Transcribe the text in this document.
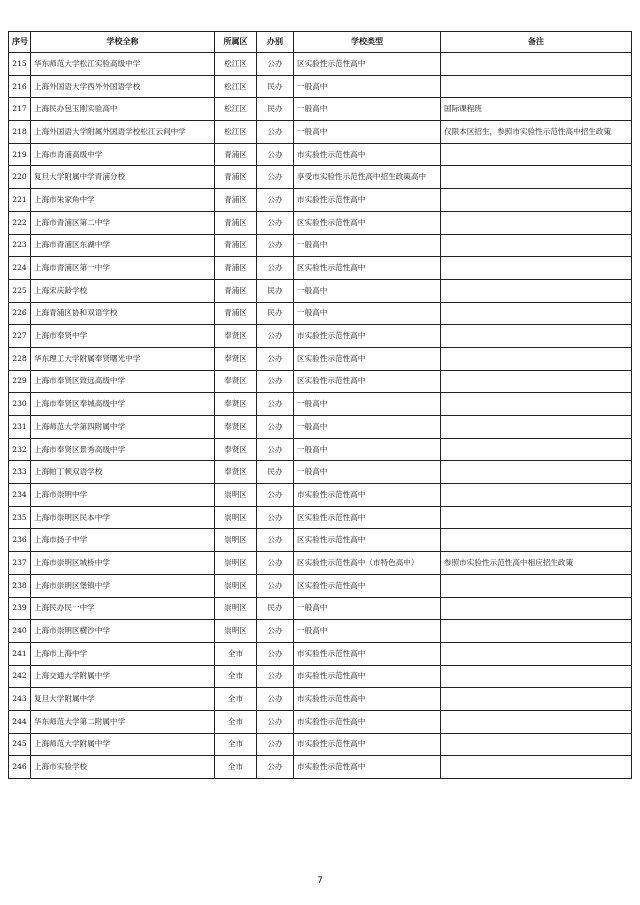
序号	学校全称	所属区	办别	学校类型	备注
215	华东师范大学松江实验高级中学	松江区	公办	区实验性示范性高中	
216	上海外国语大学西外外国语学校	松江区	民办	一般高中	
217	上海民办包玉刚实验高中	松江区	民办	一般高中	国际课程班
218	上海外国语大学附属外国语学校松江云间中学	松江区	公办	一般高中	仅限本区招生，参照市实验性示范性高中招生政策
219	上海市青浦高级中学	青浦区	公办	市实验性示范性高中	
220	复旦大学附属中学青浦分校	青浦区	公办	享受市实验性示范性高中招生政策高中	
221	上海市朱家角中学	青浦区	公办	市实验性示范性高中	
222	上海市青浦区第二中学	青浦区	公办	区实验性示范性高中	
223	上海市青浦区东湖中学	青浦区	公办	一般高中	
224	上海市青浦区第一中学	青浦区	公办	区实验性示范性高中	
225	上海宋庆龄学校	青浦区	民办	一般高中	
226	上海青浦区协和双语学校	青浦区	民办	一般高中	
227	上海市奉贤中学	奉贤区	公办	市实验性示范性高中	
228	华东理工大学附属奉贤曙光中学	奉贤区	公办	区实验性示范性高中	
229	上海市奉贤区致远高级中学	奉贤区	公办	区实验性示范性高中	
230	上海市奉贤区奉城高级中学	奉贤区	公办	一般高中	
231	上海师范大学第四附属中学	奉贤区	公办	一般高中	
232	上海市奉贤区景秀高级中学	奉贤区	公办	一般高中	
233	上海帕丁顿双语学校	奉贤区	民办	一般高中	
234	上海市崇明中学	崇明区	公办	市实验性示范性高中	
235	上海市崇明区民本中学	崇明区	公办	区实验性示范性高中	
236	上海市扬子中学	崇明区	公办	区实验性示范性高中	
237	上海市崇明区城桥中学	崇明区	公办	区实验性示范性高中（市特色高中）	参照市实验性示范性高中相应招生政策
238	上海市崇明区堡镇中学	崇明区	公办	区实验性示范性高中	
239	上海民办民一中学	崇明区	民办	一般高中	
240	上海市崇明区横沙中学	崇明区	公办	一般高中	
241	上海市上海中学	全市	公办	市实验性示范性高中	
242	上海交通大学附属中学	全市	公办	市实验性示范性高中	
243	复旦大学附属中学	全市	公办	市实验性示范性高中	
244	华东师范大学第二附属中学	全市	公办	市实验性示范性高中	
245	上海师范大学附属中学	全市	公办	市实验性示范性高中	
246	上海市实验学校	全市	公办	市实验性示范性高中	
7
